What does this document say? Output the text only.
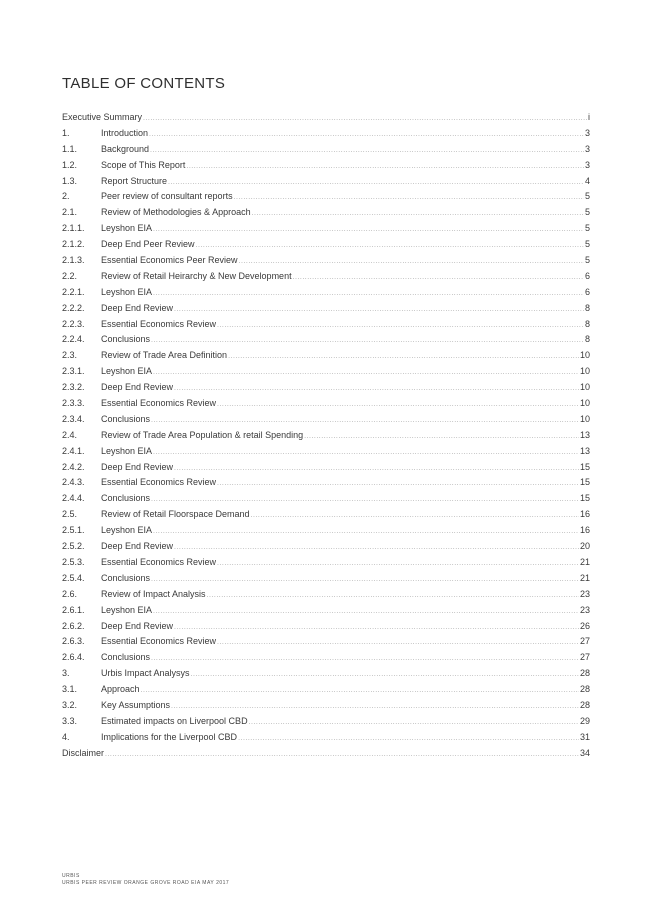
TABLE OF CONTENTS
Executive Summary .....	i
1.	Introduction .....	3
1.1.	Background .....	3
1.2.	Scope of This Report .....	3
1.3.	Report Structure .....	4
2.	Peer review of consultant reports .....	5
2.1.	Review of Methodologies & Approach .....	5
2.1.1.	Leyshon EIA .....	5
2.1.2.	Deep End Peer Review .....	5
2.1.3.	Essential Economics Peer Review .....	5
2.2.	Review of Retail Heirarchy & New Development .....	6
2.2.1.	Leyshon EIA .....	6
2.2.2.	Deep End Review .....	8
2.2.3.	Essential Economics Review .....	8
2.2.4.	Conclusions .....	8
2.3.	Review of Trade Area Definition .....	10
2.3.1.	Leyshon EIA .....	10
2.3.2.	Deep End Review .....	10
2.3.3.	Essential Economics Review .....	10
2.3.4.	Conclusions .....	10
2.4.	Review of Trade Area Population & retail Spending .....	13
2.4.1.	Leyshon EIA .....	13
2.4.2.	Deep End Review .....	15
2.4.3.	Essential Economics Review .....	15
2.4.4.	Conclusions .....	15
2.5.	Review of Retail Floorspace Demand .....	16
2.5.1.	Leyshon EIA .....	16
2.5.2.	Deep End Review .....	20
2.5.3.	Essential Economics Review .....	21
2.5.4.	Conclusions .....	21
2.6.	Review of Impact Analysis .....	23
2.6.1.	Leyshon EIA .....	23
2.6.2.	Deep End Review .....	26
2.6.3.	Essential Economics Review .....	27
2.6.4.	Conclusions .....	27
3.	Urbis Impact Analysys .....	28
3.1.	Approach .....	28
3.2.	Key Assumptions .....	28
3.3.	Estimated impacts on Liverpool CBD .....	29
4.	Implications for the Liverpool CBD .....	31
Disclaimer .....	34
URBIS
URBIS PEER REVIEW ORANGE GROVE ROAD EIA MAY 2017
